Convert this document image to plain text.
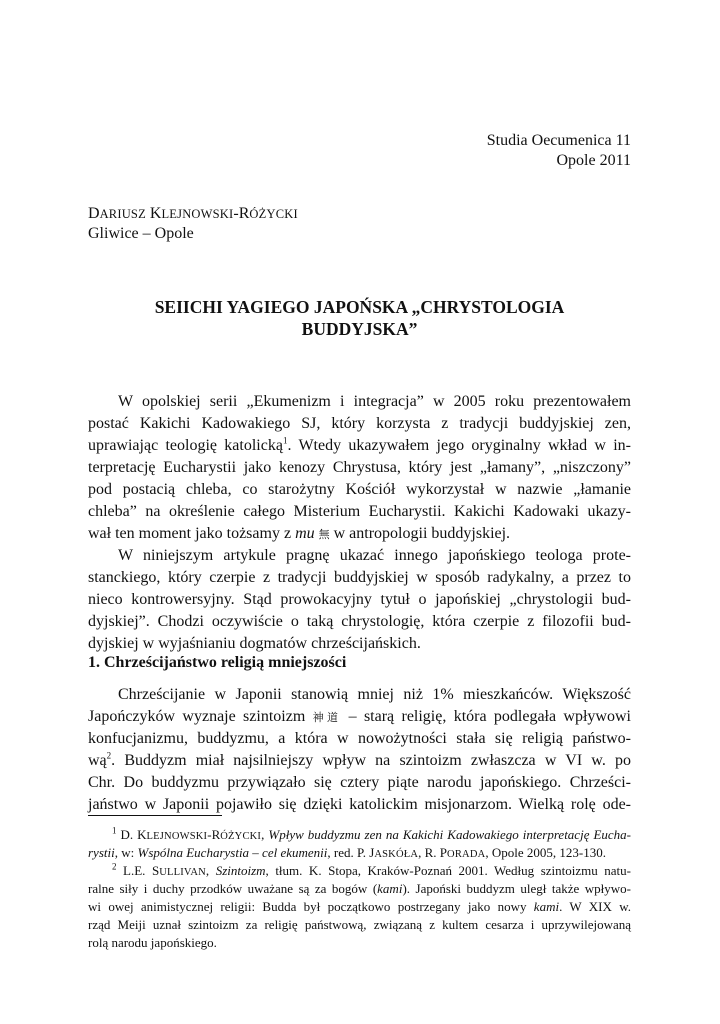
Studia Oecumenica 11
Opole 2011
DARIUSZ KLEJNOWSKI-RÓŻYCKI
Gliwice – Opole
SEIICHI YAGIEGO JAPOŃSKA „CHRYSTOLOGIA
BUDDYJSKA”
W opolskiej serii „Ekumenizm i integracja” w 2005 roku prezentowałem
postać Kakichi Kadowakiego SJ, który korzysta z tradycji buddyjskiej zen,
uprawiając teologię katolicką$^1$. Wtedy ukazywałem jego oryginalny wkład w in-
terpretację Eucharystii jako kenozy Chrystusa, który jest „łamany”, „niszczony”
pod postacią chleba, co starożytny Kościół wykorzystał w nazwie „łamanie
chleba” na określenie całego Misterium Eucharystii. Kakichi Kadowaki ukazy-
wał ten moment jako tożsamy z mu 無 w antropologii buddyjskiej.
W niniejszym artykule pragnę ukazać innego japońskiego teologa prote-
stanckiego, który czerpie z tradycji buddyjskiej w sposób radykalny, a przez to
nieco kontrowersyjny. Stąd prowokacyjny tytuł o japońskiej „chrystologii bud-
dyjskiej”. Chodzi oczywiście o taką chrystologię, która czerpie z filozofii bud-
dyjskiej w wyjaśnianiu dogmatów chrześcijańskich.
1. Chrześcijaństwo religią mniejszości
Chrześcijanie w Japonii stanowią mniej niż 1% mieszkańców. Większość
Japończyków wyznaje szintoizm 神道 – starą religię, która podlegała wpływowi
konfucjanizmu, buddyzmu, a która w nowożytności stała się religią państwo-
$wą^2$. Buddyzm miał najsilniejszy wpływ na szintoizm zwłaszcza w VI w. po
Chr. Do buddyzmu przywiązało się cztery piąte narodu japońskiego. Chrześci-
jaństwo w Japonii pojawiło się dzięki katolickim misjonarzom. Wielką rolę ode-
$^1$ D. KLEJNOWSKI-RÓŻYCKI, Wpływ buddyzmu zen na Kakichi Kadowakiego interpretację Eucha-
rystii, w: Wspólna Eucharystia – cel ekumenii, red. P. JASKÓŁA, R. PORADA, Opole 2005, 123-130.
$^2$ L.E. SULLIVAN, Szintoizm, tłum. K. Stopa, Kraków-Poznań 2001. Według szintoizmu natu-
ralne siły i duchy przodków uważane są za bogów (kami). Japoński buddyzm uległ także wpływo-
wi owej animistycznej religii: Budda był początkowo postrzegany jako nowy kami. W XIX w.
rząd Meiji uznał szintoizm za religię państwową, związaną z kultem cesarza i uprzywilejowaną
rolą narodu japońskiego.
